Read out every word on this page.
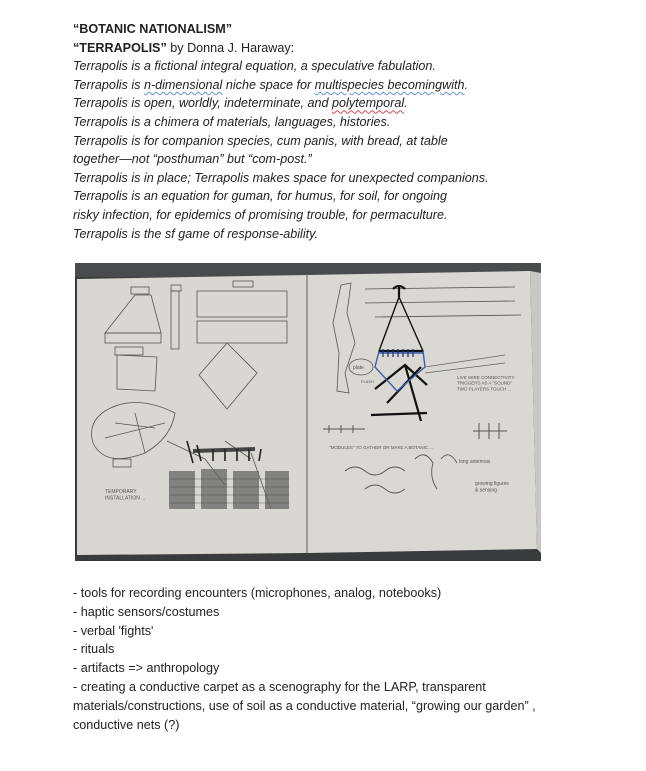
“BOTANIC NATIONALISM”
“TERRAPOLIS” by Donna J. Haraway:
Terrapolis is a fictional integral equation, a speculative fabulation.
Terrapolis is n-dimensional niche space for multispecies becomingwith.
Terrapolis is open, worldly, indeterminate, and polytemporal.
Terrapolis is a chimera of materials, languages, histories.
Terrapolis is for companion species, cum panis, with bread, at table
together—not “posthuman” but “com-post.”
Terrapolis is in place; Terrapolis makes space for unexpected companions.
Terrapolis is an equation for guman, for humus, for soil, for ongoing
risky infection, for epidemics of promising trouble, for permaculture.
Terrapolis is the sf game of response-ability.
TEMPORARY INSTALLATION ...
plate
FLASH
LIVE WIRE CONNECTIVITY TRIGGERS AS A "SOUND" TWO PLAYERS TOUCH ...
"MODULES" TO GATHER OR MAKE A BOTANIC ...
long antennas
growing figures & sensing
- tools for recording encounters (microphones, analog, notebooks)
- haptic sensors/costumes
- verbal 'fights'
- rituals
- artifacts => anthropology
- creating a conductive carpet as a scenography for the LARP, transparent materials/constructions, use of soil as a conductive material, “growing our garden” , conductive nets (?)
